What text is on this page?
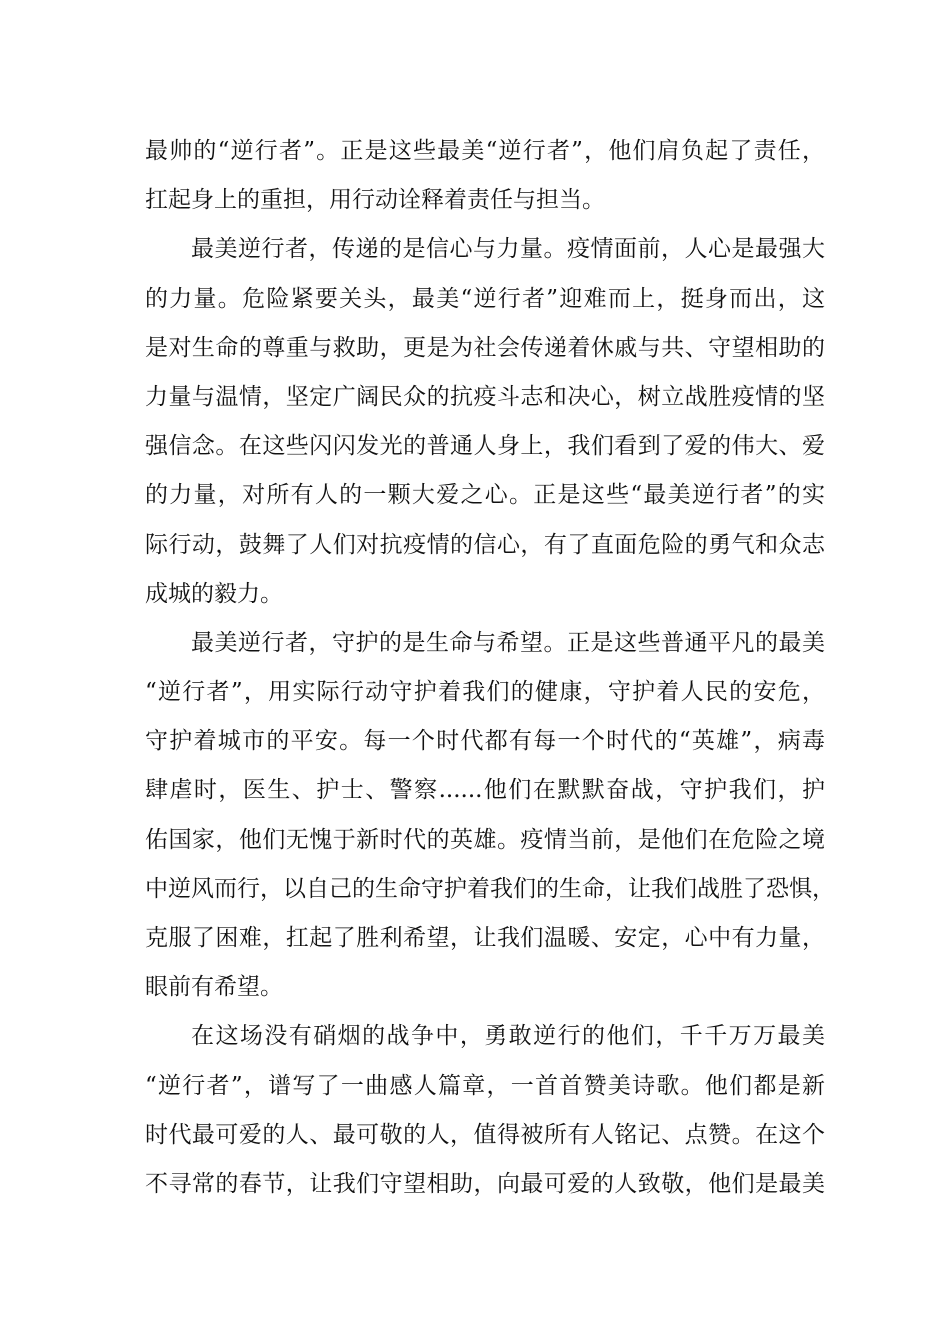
最帅的“逆行者”。正是这些最美“逆行者”，他们肩负起了责任，
扛起身上的重担，用行动诠释着责任与担当。
最美逆行者，传递的是信心与力量。疫情面前，人心是最强大
的力量。危险紧要关头，最美“逆行者”迎难而上，挺身而出，这
是对生命的尊重与救助，更是为社会传递着休戚与共、守望相助的
力量与温情，坚定广阔民众的抗疫斗志和决心，树立战胜疫情的坚
强信念。在这些闪闪发光的普通人身上，我们看到了爱的伟大、爱
的力量，对所有人的一颗大爱之心。正是这些“最美逆行者”的实
际行动，鼓舞了人们对抗疫情的信心，有了直面危险的勇气和众志
成城的毅力。
最美逆行者，守护的是生命与希望。正是这些普通平凡的最美
“逆行者”，用实际行动守护着我们的健康，守护着人民的安危，
守护着城市的平安。每一个时代都有每一个时代的“英雄”，病毒
肆虐时，医生、护士、警察......他们在默默奋战，守护我们，护
佑国家，他们无愧于新时代的英雄。疫情当前，是他们在危险之境
中逆风而行，以自己的生命守护着我们的生命，让我们战胜了恐惧，
克服了困难，扛起了胜利希望，让我们温暖、安定，心中有力量，
眼前有希望。
在这场没有硝烟的战争中，勇敢逆行的他们，千千万万最美
“逆行者”，谱写了一曲感人篇章，一首首赞美诗歌。他们都是新
时代最可爱的人、最可敬的人，值得被所有人铭记、点赞。在这个
不寻常的春节，让我们守望相助，向最可爱的人致敬，他们是最美
